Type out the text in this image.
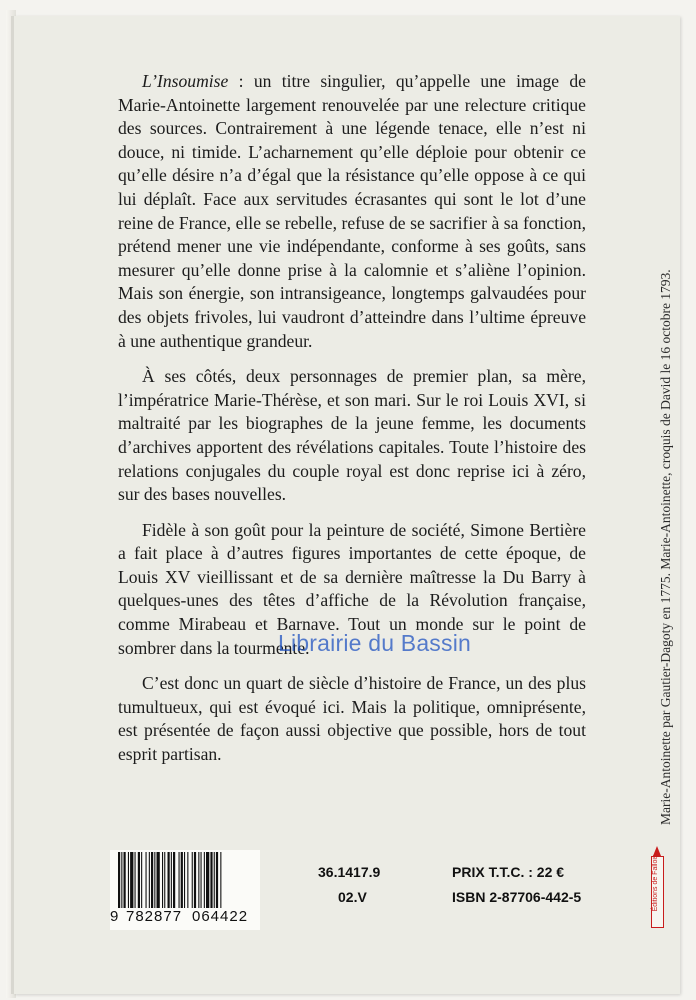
L’Insoumise : un titre singulier, qu’appelle une image de Marie-Antoinette largement renouvelée par une relecture critique des sources. Contrairement à une légende tenace, elle n’est ni douce, ni timide. L’acharnement qu’elle déploie pour obtenir ce qu’elle désire n’a d’égal que la résistance qu’elle oppose à ce qui lui déplaît. Face aux servitudes écrasantes qui sont le lot d’une reine de France, elle se rebelle, refuse de se sacrifier à sa fonction, prétend mener une vie indépendante, conforme à ses goûts, sans mesurer qu’elle donne prise à la calomnie et s’aliène l’opinion. Mais son énergie, son intransigeance, longtemps galvaudées pour des objets frivoles, lui vaudront d’atteindre dans l’ultime épreuve à une authentique grandeur.

À ses côtés, deux personnages de premier plan, sa mère, l’impératrice Marie-Thérèse, et son mari. Sur le roi Louis XVI, si maltraité par les biographes de la jeune femme, les documents d’archives apportent des révélations capitales. Toute l’histoire des relations conjugales du couple royal est donc reprise ici à zéro, sur des bases nouvelles.

Fidèle à son goût pour la peinture de société, Simone Bertière a fait place à d’autres figures importantes de cette époque, de Louis XV vieillissant et de sa dernière maîtresse la Du Barry à quelques-unes des têtes d’affiche de la Révolution française, comme Mirabeau et Barnave. Tout un monde sur le point de sombrer dans la tourmente.

C’est donc un quart de siècle d’histoire de France, un des plus tumultueux, qui est évoqué ici. Mais la politique, omniprésente, est présentée de façon aussi objective que possible, hors de tout esprit partisan.

Librairie du Bassin	Marie-Antoinette par Gautier-Dagoty en 1775. Marie-Antoinette, croquis de David le 16 octobre 1793.
Éditions de Fallois
9 782877 064422
36.1417.9
02.V
PRIX T.T.C. : 22 €
ISBN 2-87706-442-5
